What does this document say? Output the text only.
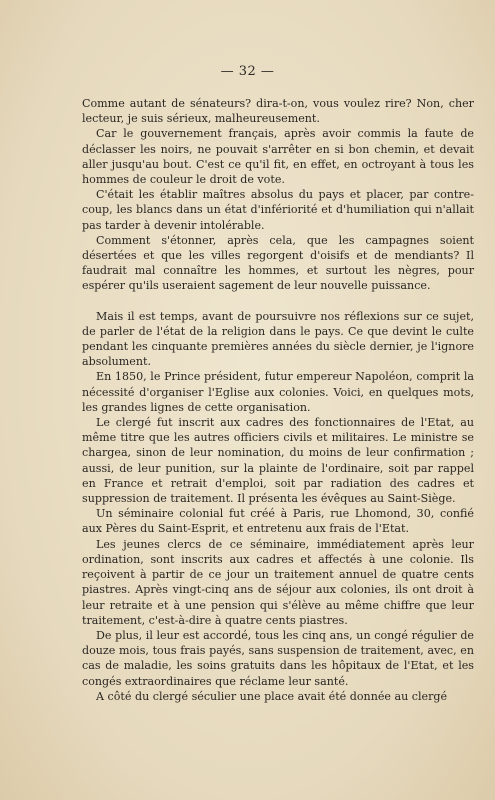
— 32 —

Comme autant de sénateurs? dira-t-on, vous voulez rire? Non, cher lecteur, je suis sérieux, malheureusement.

Car le gouvernement français, après avoir commis la faute de déclasser les noirs, ne pouvait s'arrêter en si bon chemin, et devait aller jusqu'au bout. C'est ce qu'il fit, en effet, en octroyant à tous les hommes de couleur le droit de vote.

C'était les établir maîtres absolus du pays et placer, par contre-coup, les blancs dans un état d'infériorité et d'humiliation qui n'allait pas tarder à devenir intolérable.

Comment s'étonner, après cela, que les campagnes soient désertées et que les villes regorgent d'oisifs et de mendiants? Il faudrait mal connaître les hommes, et surtout les nègres, pour espérer qu'ils useraient sagement de leur nouvelle puissance.

Mais il est temps, avant de poursuivre nos réflexions sur ce sujet, de parler de l'état de la religion dans le pays. Ce que devint le culte pendant les cinquante premières années du siècle dernier, je l'ignore absolument.

En 1850, le Prince président, futur empereur Napoléon, comprit la nécessité d'organiser l'Eglise aux colonies. Voici, en quelques mots, les grandes lignes de cette organisation.

Le clergé fut inscrit aux cadres des fonctionnaires de l'Etat, au même titre que les autres officiers civils et militaires. Le ministre se chargea, sinon de leur nomination, du moins de leur confirmation ; aussi, de leur punition, sur la plainte de l'ordinaire, soit par rappel en France et retrait d'emploi, soit par radiation des cadres et suppression de traitement. Il présenta les évêques au Saint-Siège.

Un séminaire colonial fut créé à Paris, rue Lhomond, 30, confié aux Pères du Saint-Esprit, et entretenu aux frais de l'Etat.

Les jeunes clercs de ce séminaire, immédiatement après leur ordination, sont inscrits aux cadres et affectés à une colonie. Ils reçoivent à partir de ce jour un traitement annuel de quatre cents piastres. Après vingt-cinq ans de séjour aux colonies, ils ont droit à leur retraite et à une pension qui s'élève au même chiffre que leur traitement, c'est-à-dire à quatre cents piastres.

De plus, il leur est accordé, tous les cinq ans, un congé régulier de douze mois, tous frais payés, sans suspension de traitement, avec, en cas de maladie, les soins gratuits dans les hôpitaux de l'Etat, et les congés extraordinaires que réclame leur santé.

A côté du clergé séculier une place avait été donnée au clergé
